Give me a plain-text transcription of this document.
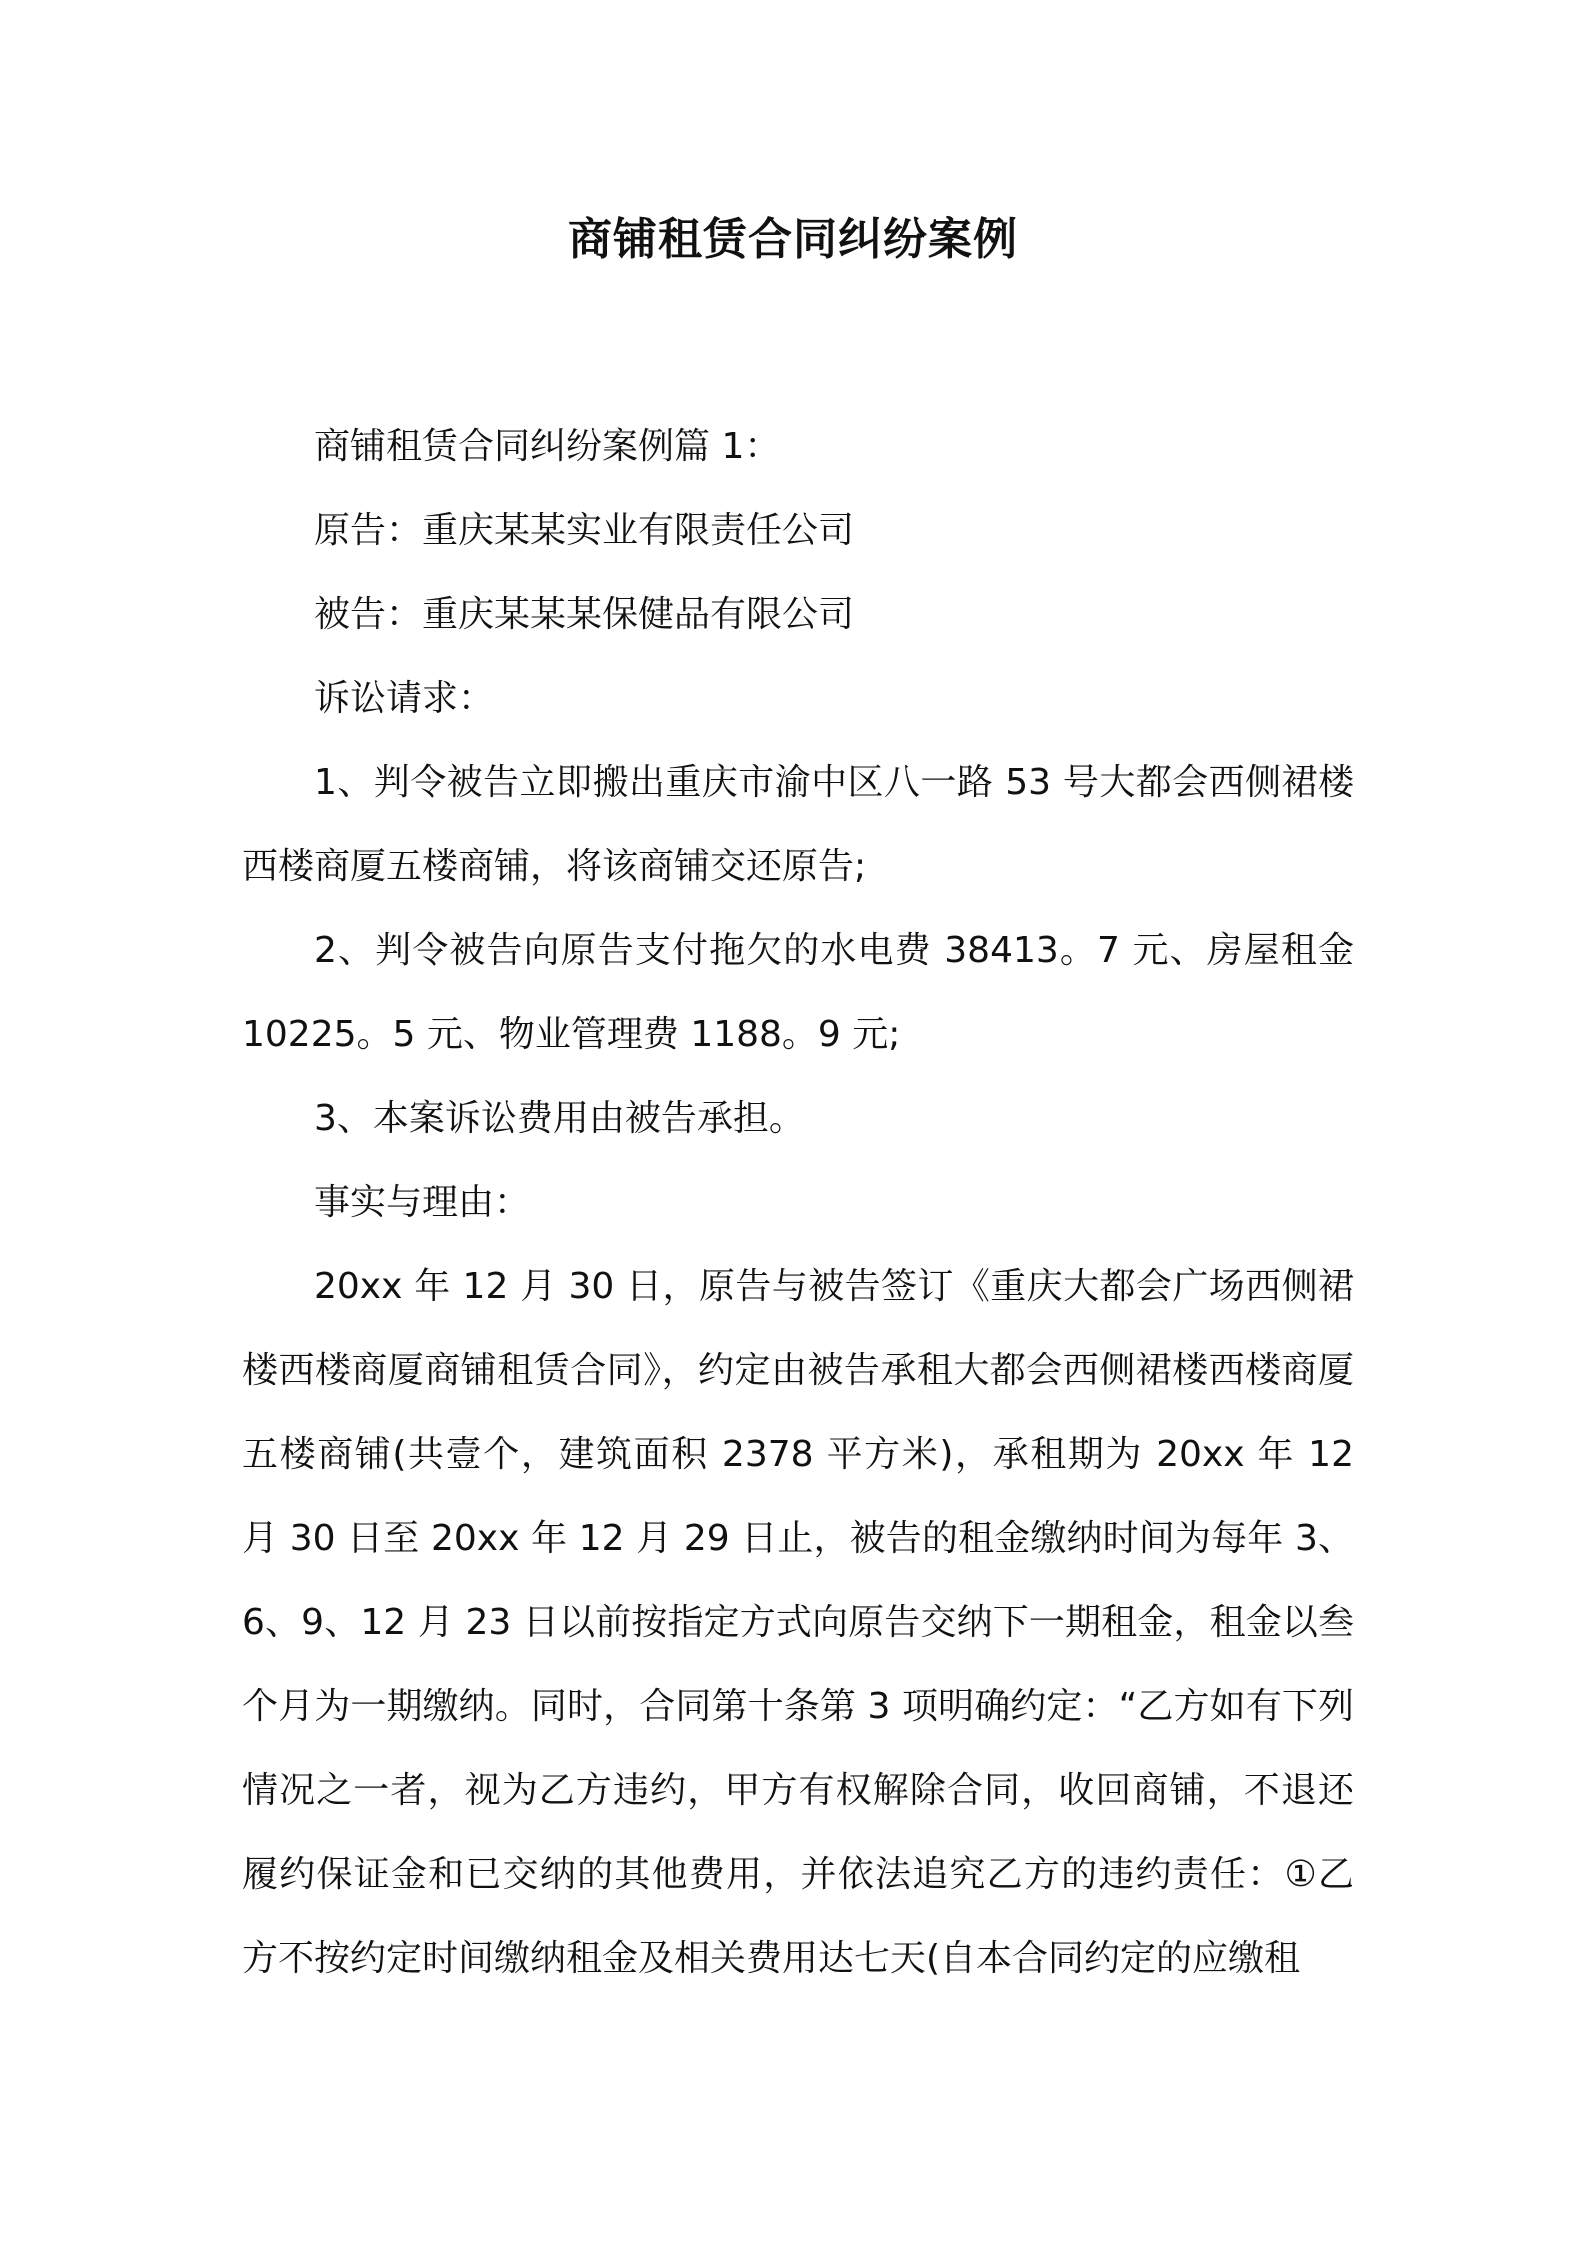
商铺租赁合同纠纷案例

商铺租赁合同纠纷案例篇 1：

原告：重庆某某实业有限责任公司

被告：重庆某某某保健品有限公司

诉讼请求：

1、判令被告立即搬出重庆市渝中区八一路 53 号大都会西侧裙楼西楼商厦五楼商铺，将该商铺交还原告;

2、判令被告向原告支付拖欠的水电费 38413。7 元、房屋租金 10225。5 元、物业管理费 1188。9 元;

3、本案诉讼费用由被告承担。

事实与理由：

20xx 年 12 月 30 日，原告与被告签订《重庆大都会广场西侧裙楼西楼商厦商铺租赁合同》，约定由被告承租大都会西侧裙楼西楼商厦五楼商铺(共壹个，建筑面积 2378 平方米)，承租期为 20xx 年 12 月 30 日至 20xx 年 12 月 29 日止，被告的租金缴纳时间为每年 3、6、9、12 月 23 日以前按指定方式向原告交纳下一期租金，租金以叁个月为一期缴纳。同时，合同第十条第 3 项明确约定：“乙方如有下列情况之一者，视为乙方违约，甲方有权解除合同，收回商铺，不退还履约保证金和已交纳的其他费用，并依法追究乙方的违约责任：①乙方不按约定时间缴纳租金及相关费用达七天(自本合同约定的应缴租
